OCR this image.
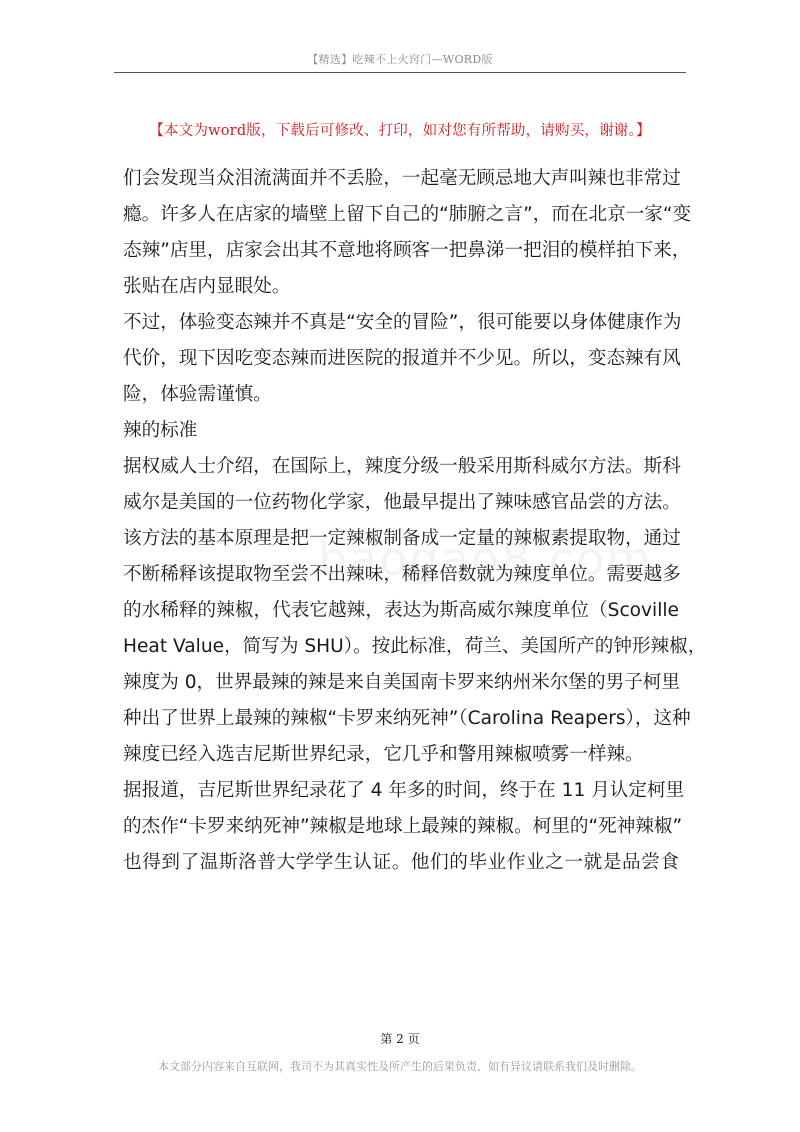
【精选】吃辣不上火窍门—WORD版
【本文为word版，下载后可修改、打印，如对您有所帮助，请购买，谢谢。】
们会发现当众泪流满面并不丢脸，一起毫无顾忌地大声叫辣也非常过
瘾。许多人在店家的墙壁上留下自己的“肺腑之言”，而在北京一家“变
态辣”店里，店家会出其不意地将顾客一把鼻涕一把泪的模样拍下来，
张贴在店内显眼处。
不过，体验变态辣并不真是“安全的冒险”，很可能要以身体健康作为
代价，现下因吃变态辣而进医院的报道并不少见。所以，变态辣有风
险，体验需谨慎。
辣的标准
据权威人士介绍，在国际上，辣度分级一般采用斯科威尔方法。斯科
威尔是美国的一位药物化学家，他最早提出了辣味感官品尝的方法。
该方法的基本原理是把一定辣椒制备成一定量的辣椒素提取物，通过
不断稀释该提取物至尝不出辣味，稀释倍数就为辣度单位。需要越多
的水稀释的辣椒，代表它越辣，表达为斯高威尔辣度单位（Scoville
Heat Value，简写为 SHU）。按此标准，荷兰、美国所产的钟形辣椒，
辣度为 0，世界最辣的辣是来自美国南卡罗来纳州米尔堡的男子柯里
种出了世界上最辣的辣椒“卡罗来纳死神”（Carolina Reapers），这种
辣度已经入选吉尼斯世界纪录，它几乎和警用辣椒喷雾一样辣。
据报道，吉尼斯世界纪录花了 4 年多的时间，终于在 11 月认定柯里
的杰作“卡罗来纳死神”辣椒是地球上最辣的辣椒。柯里的“死神辣椒”
也得到了温斯洛普大学学生认证。他们的毕业作业之一就是品尝食
第 2 页
本文部分内容来自互联网，我司不为其真实性及所产生的后果负责，如有异议请联系我们及时删除。
